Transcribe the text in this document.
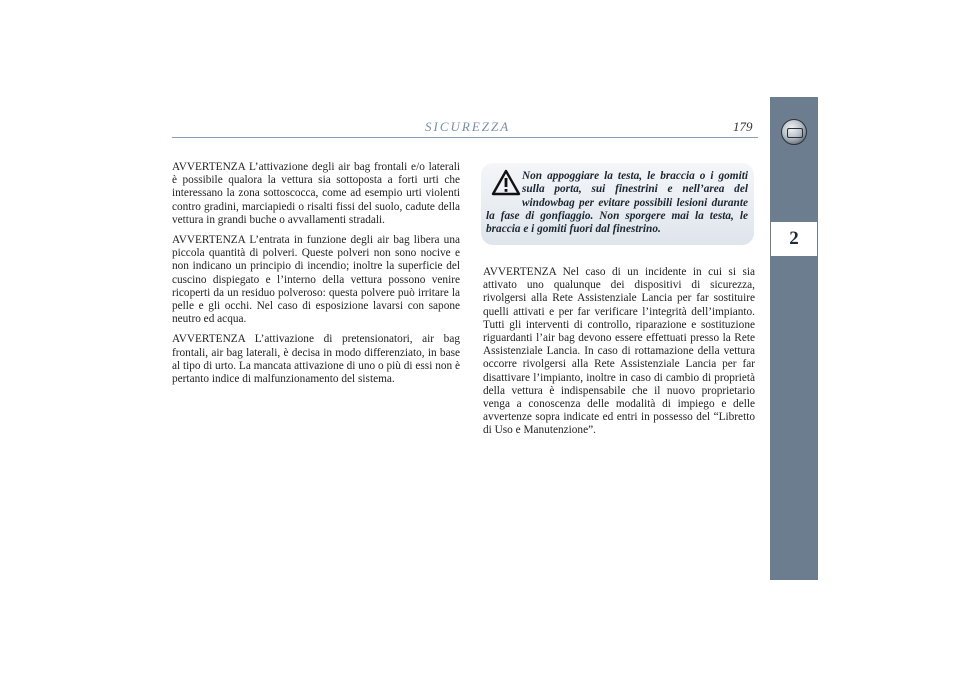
SICUREZZA	179
2

AVVERTENZA L’attivazione degli air bag frontali e/o laterali è possibile qualora la vettura sia sottoposta a forti urti che interessano la zona sottoscocca, come ad esempio urti violenti contro gradini, marciapiedi o risalti fissi del suolo, cadute della vettura in grandi buche o avvallamenti stradali.

AVVERTENZA L’entrata in funzione degli air bag libera una piccola quantità di polveri. Queste polveri non sono nocive e non indicano un principio di incendio; inoltre la superficie del cuscino dispiegato e l’interno della vettura possono venire ricoperti da un residuo polveroso: questa polvere può irritare la pelle e gli occhi. Nel caso di esposizione lavarsi con sapone neutro ed acqua.

AVVERTENZA L’attivazione di pretensionatori, air bag frontali, air bag laterali, è decisa in modo differenziato, in base al tipo di urto. La mancata attivazione di uno o più di essi non è pertanto indice di malfunzionamento del sistema.

Non appoggiare la testa, le braccia o i gomiti sulla porta, sui finestrini e nell’area del windowbag per evitare possibili lesioni durante la fase di gonfiaggio. Non sporgere mai la testa, le braccia e i gomiti fuori dal finestrino.

AVVERTENZA Nel caso di un incidente in cui si sia attivato uno qualunque dei dispositivi di sicurezza, rivolgersi alla Rete Assistenziale Lancia per far sostituire quelli attivati e per far verificare l’integrità dell’impianto. Tutti gli interventi di controllo, riparazione e sostituzione riguardanti l’air bag devono essere effettuati presso la Rete Assistenziale Lancia. In caso di rottamazione della vettura occorre rivolgersi alla Rete Assistenziale Lancia per far disattivare l’impianto, inoltre in caso di cambio di proprietà della vettura è indispensabile che il nuovo proprietario venga a conoscenza delle modalità di impiego e delle avvertenze sopra indicate ed entri in possesso del “Libretto di Uso e Manutenzione”.
